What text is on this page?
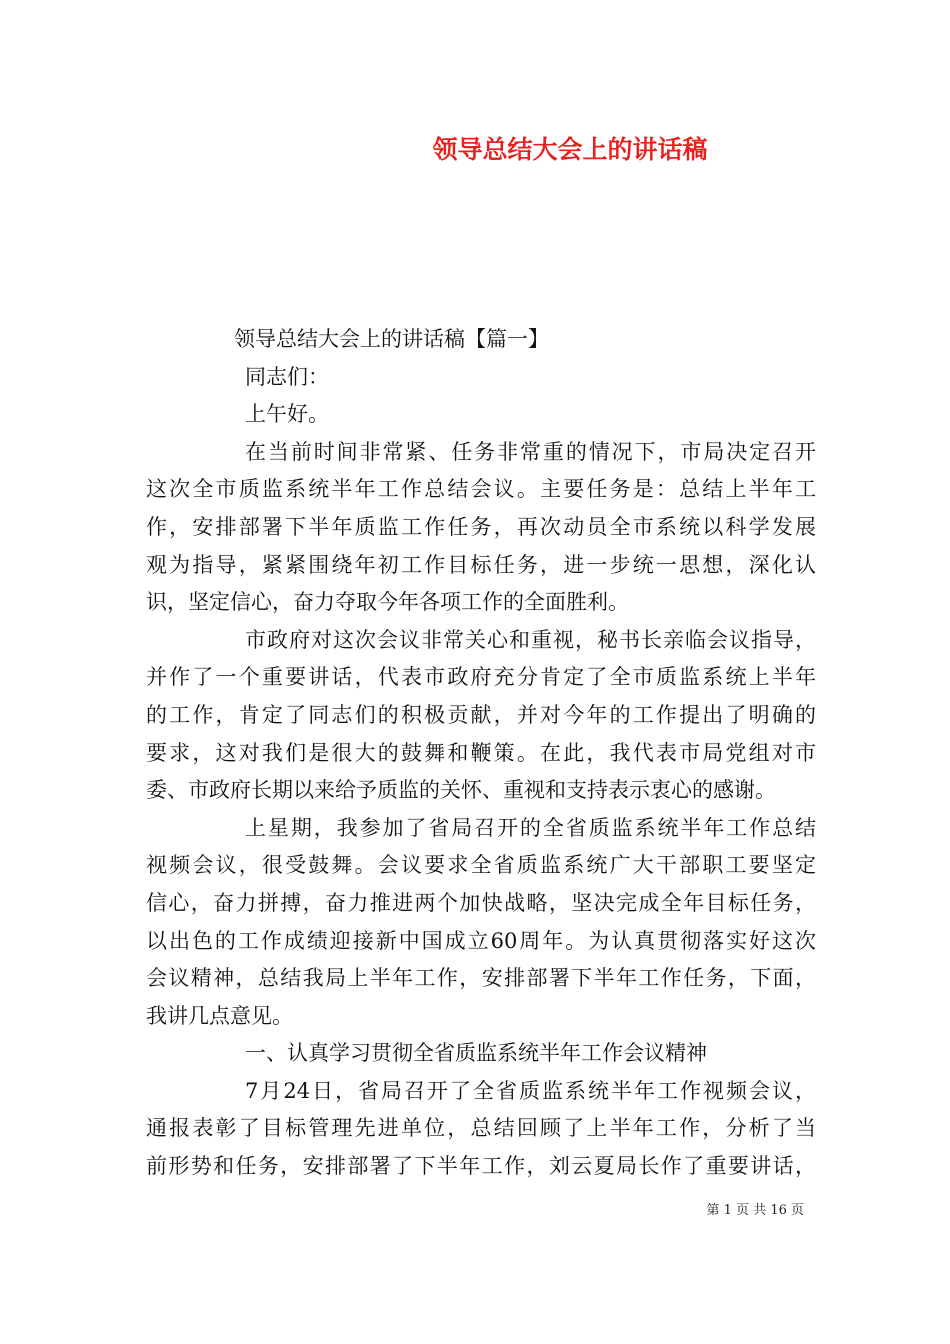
领导总结大会上的讲话稿
领导总结大会上的讲话稿【篇一】
同志们：
上午好。
在当前时间非常紧、任务非常重的情况下，市局决定召开
这次全市质监系统半年工作总结会议。主要任务是：总结上半年工
作，安排部署下半年质监工作任务，再次动员全市系统以科学发展
观为指导，紧紧围绕年初工作目标任务，进一步统一思想，深化认
识，坚定信心，奋力夺取今年各项工作的全面胜利。
市政府对这次会议非常关心和重视，秘书长亲临会议指导，
并作了一个重要讲话，代表市政府充分肯定了全市质监系统上半年
的工作，肯定了同志们的积极贡献，并对今年的工作提出了明确的
要求，这对我们是很大的鼓舞和鞭策。在此，我代表市局党组对市
委、市政府长期以来给予质监的关怀、重视和支持表示衷心的感谢。
上星期，我参加了省局召开的全省质监系统半年工作总结
视频会议，很受鼓舞。会议要求全省质监系统广大干部职工要坚定
信心，奋力拼搏，奋力推进两个加快战略，坚决完成全年目标任务，
以出色的工作成绩迎接新中国成立60周年。为认真贯彻落实好这次
会议精神，总结我局上半年工作，安排部署下半年工作任务，下面，
我讲几点意见。
一、认真学习贯彻全省质监系统半年工作会议精神
7月24日，省局召开了全省质监系统半年工作视频会议，
通报表彰了目标管理先进单位，总结回顾了上半年工作，分析了当
前形势和任务，安排部署了下半年工作，刘云夏局长作了重要讲话，
第 1 页 共 16 页
